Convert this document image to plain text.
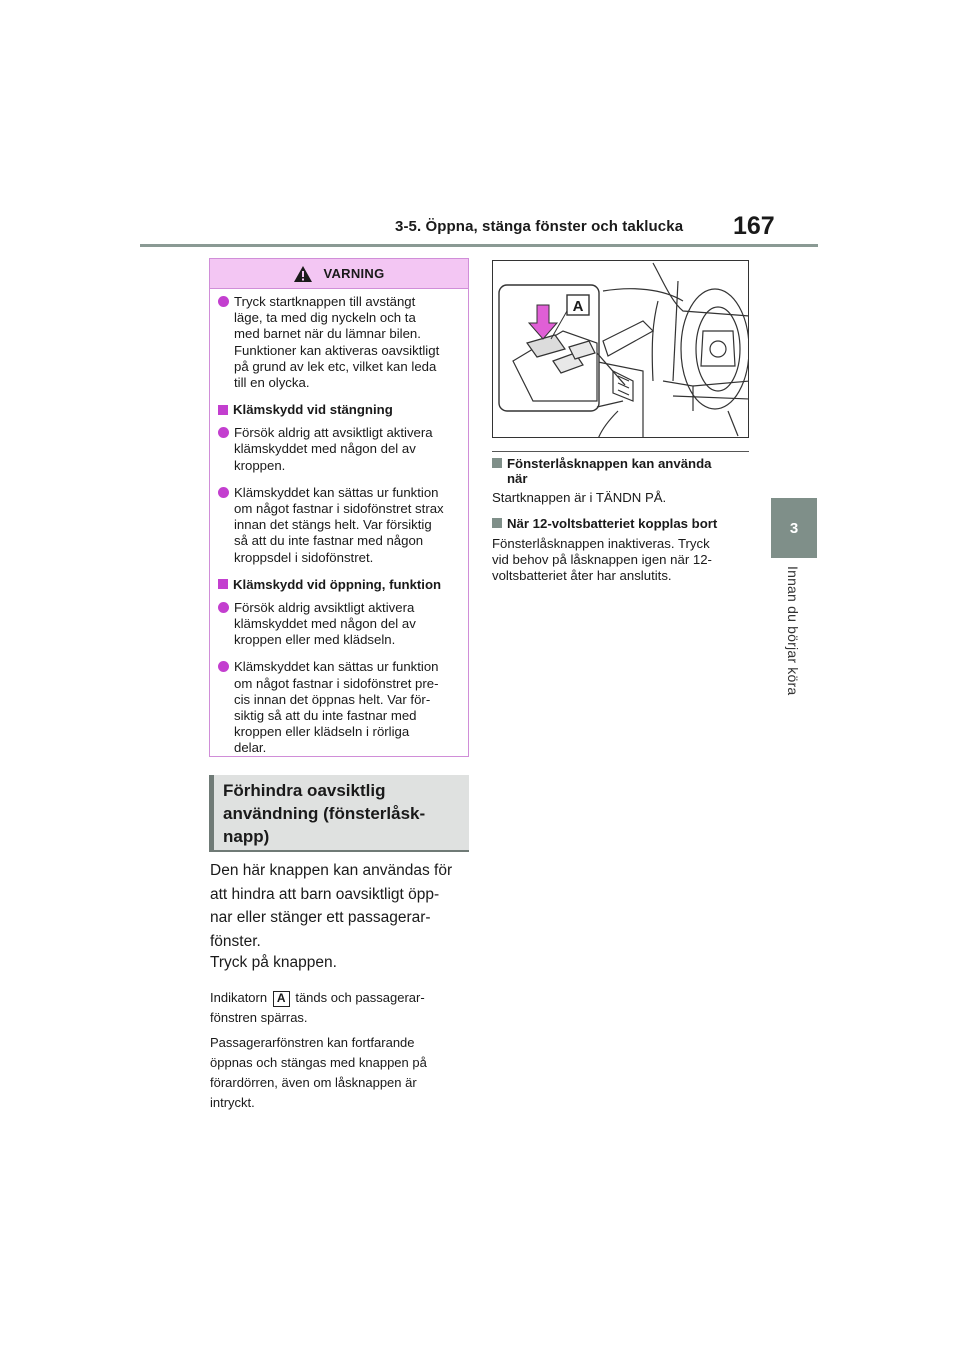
3-5. Öppna, stänga fönster och taklucka 167
3
Innan du börjar köra
VARNING
Tryck startknappen till avstängt
läge, ta med dig nyckeln och ta
med barnet när du lämnar bilen.
Funktioner kan aktiveras oavsiktligt
på grund av lek etc, vilket kan leda
till en olycka.
Klämskydd vid stängning
Försök aldrig att avsiktligt aktivera
klämskyddet med någon del av
kroppen.
Klämskyddet kan sättas ur funktion
om något fastnar i sidofönstret strax
innan det stängs helt. Var försiktig
så att du inte fastnar med någon
kroppsdel i sidofönstret.
Klämskydd vid öppning, funktion
Försök aldrig avsiktligt aktivera
klämskyddet med någon del av
kroppen eller med klädseln.
Klämskyddet kan sättas ur funktion
om något fastnar i sidofönstret pre-
cis innan det öppnas helt. Var för-
siktig så att du inte fastnar med
kroppen eller klädseln i rörliga
delar.
Förhindra oavsiktlig
användning (fönsterlåsk-
napp)
Den här knappen kan användas för
att hindra att barn oavsiktligt öpp-
nar eller stänger ett passagerar-
fönster.
Tryck på knappen.
Indikatorn A tänds och passagerar-
fönstren spärras.
Passagerarfönstren kan fortfarande
öppnas och stängas med knappen på
förardörren, även om låsknappen är
intryckt.
A
Fönsterlåsknappen kan använda
när
Startknappen är i TÄNDN PÅ.
När 12-voltsbatteriet kopplas bort
Fönsterlåsknappen inaktiveras. Tryck
vid behov på låsknappen igen när 12-
voltsbatteriet åter har anslutits.
